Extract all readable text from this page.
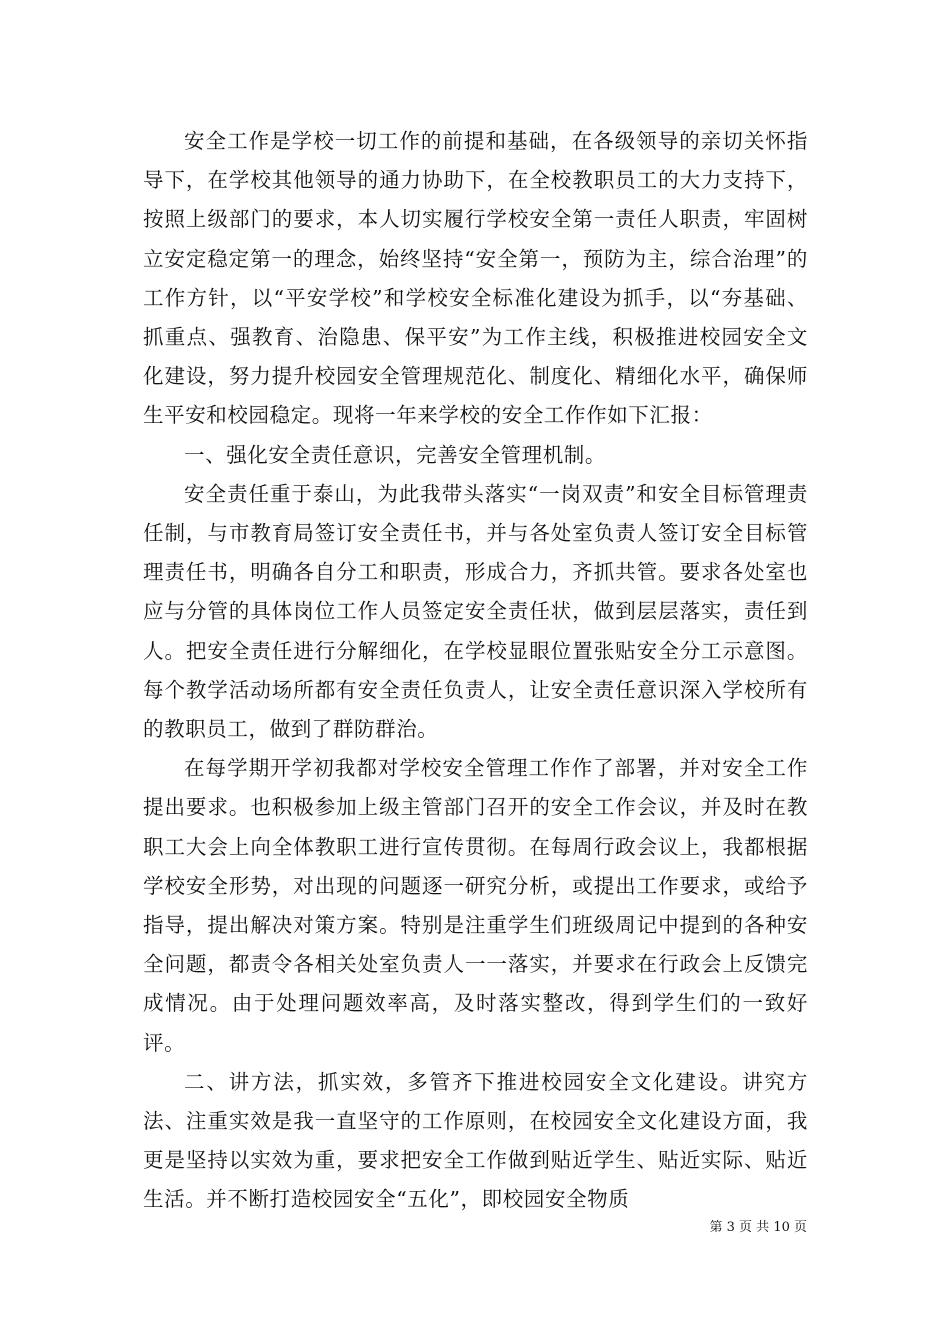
安全工作是学校一切工作的前提和基础，在各级领导的亲切关怀指导下，在学校其他领导的通力协助下，在全校教职员工的大力支持下，按照上级部门的要求，本人切实履行学校安全第一责任人职责，牢固树立安定稳定第一的理念，始终坚持“安全第一，预防为主，综合治理”的工作方针，以“平安学校”和学校安全标准化建设为抓手，以“夯基础、抓重点、强教育、治隐患、保平安”为工作主线，积极推进校园安全文化建设，努力提升校园安全管理规范化、制度化、精细化水平，确保师生平安和校园稳定。现将一年来学校的安全工作作如下汇报：

一、强化安全责任意识，完善安全管理机制。

安全责任重于泰山，为此我带头落实“一岗双责”和安全目标管理责任制，与市教育局签订安全责任书，并与各处室负责人签订安全目标管理责任书，明确各自分工和职责，形成合力，齐抓共管。要求各处室也应与分管的具体岗位工作人员签定安全责任状，做到层层落实，责任到人。把安全责任进行分解细化，在学校显眼位置张贴安全分工示意图。每个教学活动场所都有安全责任负责人，让安全责任意识深入学校所有的教职员工，做到了群防群治。

在每学期开学初我都对学校安全管理工作作了部署，并对安全工作提出要求。也积极参加上级主管部门召开的安全工作会议，并及时在教职工大会上向全体教职工进行宣传贯彻。在每周行政会议上，我都根据学校安全形势，对出现的问题逐一研究分析，或提出工作要求，或给予指导，提出解决对策方案。特别是注重学生们班级周记中提到的各种安全问题，都责令各相关处室负责人一一落实，并要求在行政会上反馈完成情况。由于处理问题效率高，及时落实整改，得到学生们的一致好评。

二、讲方法，抓实效，多管齐下推进校园安全文化建设。讲究方法、注重实效是我一直坚守的工作原则，在校园安全文化建设方面，我更是坚持以实效为重，要求把安全工作做到贴近学生、贴近实际、贴近生活。并不断打造校园安全“五化”，即校园安全物质

第 3 页 共 10 页
